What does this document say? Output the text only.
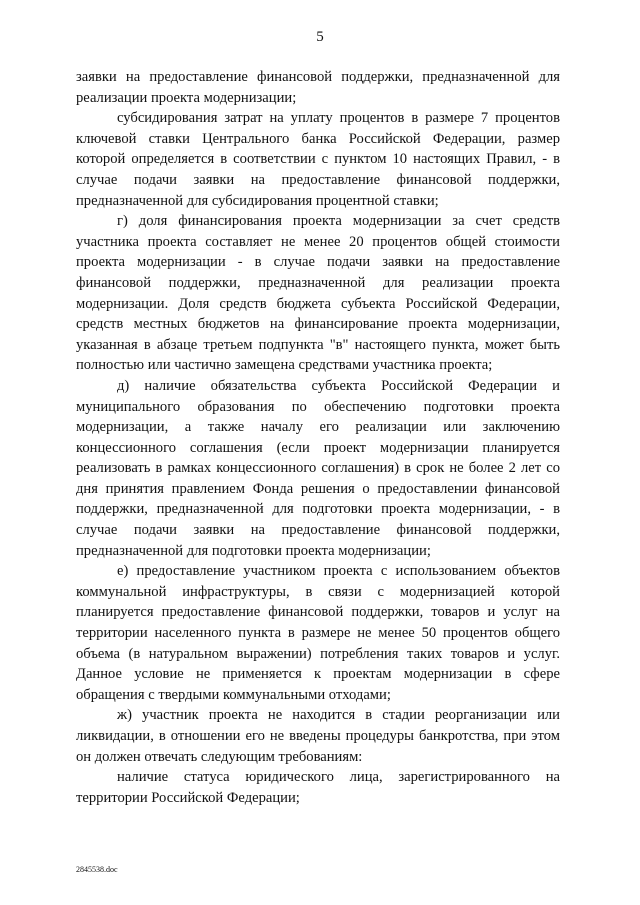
5

заявки на предоставление финансовой поддержки, предназначенной для реализации проекта модернизации;

субсидирования затрат на уплату процентов в размере 7 процентов ключевой ставки Центрального банка Российской Федерации, размер которой определяется в соответствии с пунктом 10 настоящих Правил, - в случае подачи заявки на предоставление финансовой поддержки, предназначенной для субсидирования процентной ставки;

г) доля финансирования проекта модернизации за счет средств участника проекта составляет не менее 20 процентов общей стоимости проекта модернизации - в случае подачи заявки на предоставление финансовой поддержки, предназначенной для реализации проекта модернизации. Доля средств бюджета субъекта Российской Федерации, средств местных бюджетов на финансирование проекта модернизации, указанная в абзаце третьем подпункта "в" настоящего пункта, может быть полностью или частично замещена средствами участника проекта;

д) наличие обязательства субъекта Российской Федерации и муниципального образования по обеспечению подготовки проекта модернизации, а также началу его реализации или заключению концессионного соглашения (если проект модернизации планируется реализовать в рамках концессионного соглашения) в срок не более 2 лет со дня принятия правлением Фонда решения о предоставлении финансовой поддержки, предназначенной для подготовки проекта модернизации, - в случае подачи заявки на предоставление финансовой поддержки, предназначенной для подготовки проекта модернизации;

е) предоставление участником проекта с использованием объектов коммунальной инфраструктуры, в связи с модернизацией которой планируется предоставление финансовой поддержки, товаров и услуг на территории населенного пункта в размере не менее 50 процентов общего объема (в натуральном выражении) потребления таких товаров и услуг. Данное условие не применяется к проектам модернизации в сфере обращения с твердыми коммунальными отходами;

ж) участник проекта не находится в стадии реорганизации или ликвидации, в отношении его не введены процедуры банкротства, при этом он должен отвечать следующим требованиям:

наличие статуса юридического лица, зарегистрированного на территории Российской Федерации;

2845538.doc
